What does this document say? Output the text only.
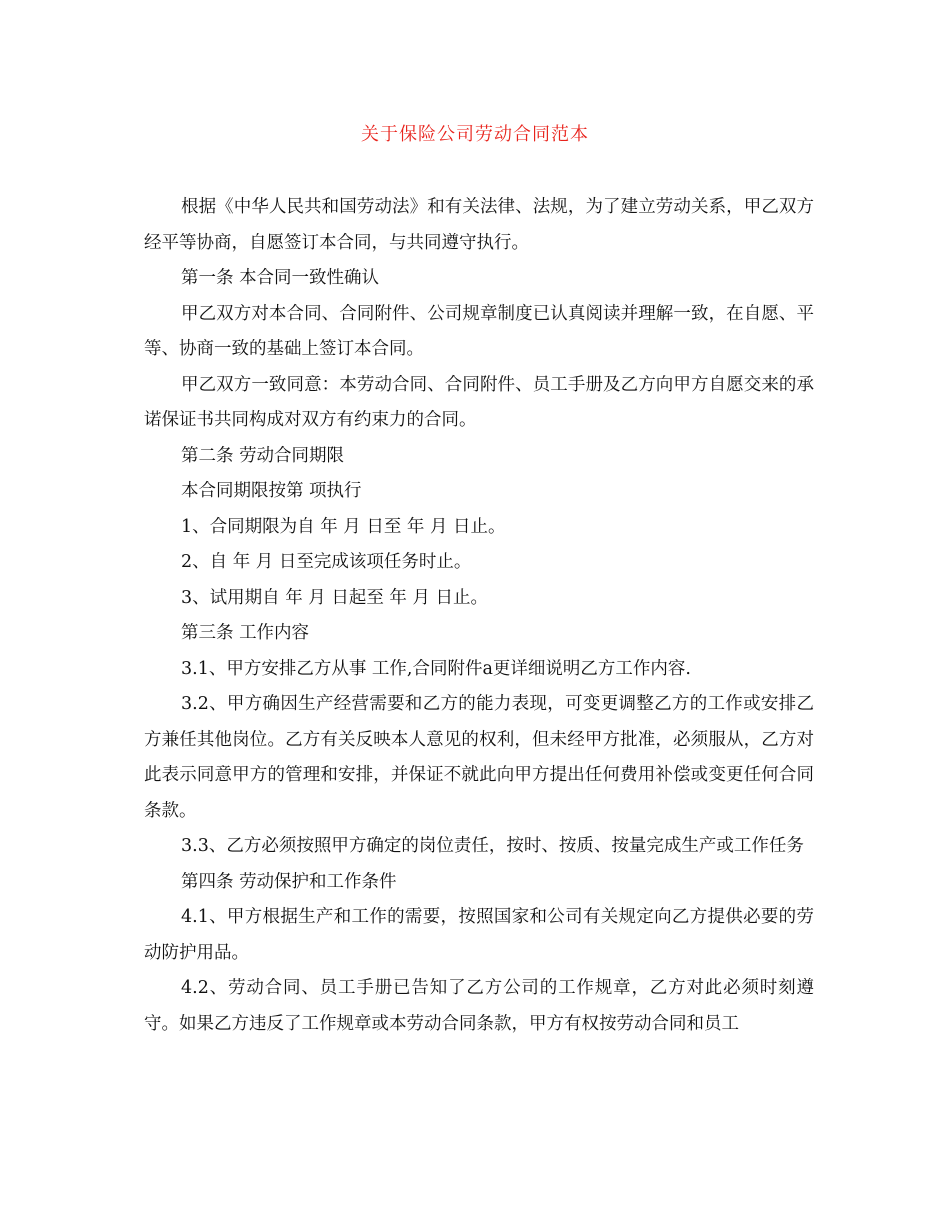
关于保险公司劳动合同范本

根据《中华人民共和国劳动法》和有关法律、法规，为了建立劳动关系，甲乙双方经平等协商，自愿签订本合同，与共同遵守执行。

第一条 本合同一致性确认

甲乙双方对本合同、合同附件、公司规章制度已认真阅读并理解一致，在自愿、平等、协商一致的基础上签订本合同。

甲乙双方一致同意：本劳动合同、合同附件、员工手册及乙方向甲方自愿交来的承诺保证书共同构成对双方有约束力的合同。

第二条 劳动合同期限

本合同期限按第 项执行

1、合同期限为自 年 月 日至 年 月 日止。

2、自 年 月 日至完成该项任务时止。

3、试用期自 年 月 日起至 年 月 日止。

第三条 工作内容

3.1、甲方安排乙方从事 工作,合同附件a更详细说明乙方工作内容.

3.2、甲方确因生产经营需要和乙方的能力表现，可变更调整乙方的工作或安排乙方兼任其他岗位。乙方有关反映本人意见的权利，但未经甲方批准，必须服从，乙方对此表示同意甲方的管理和安排，并保证不就此向甲方提出任何费用补偿或变更任何合同条款。

3.3、乙方必须按照甲方确定的岗位责任，按时、按质、按量完成生产或工作任务

第四条 劳动保护和工作条件

4.1、甲方根据生产和工作的需要，按照国家和公司有关规定向乙方提供必要的劳动防护用品。

4.2、劳动合同、员工手册已告知了乙方公司的工作规章，乙方对此必须时刻遵守。如果乙方违反了工作规章或本劳动合同条款，甲方有权按劳动合同和员工
